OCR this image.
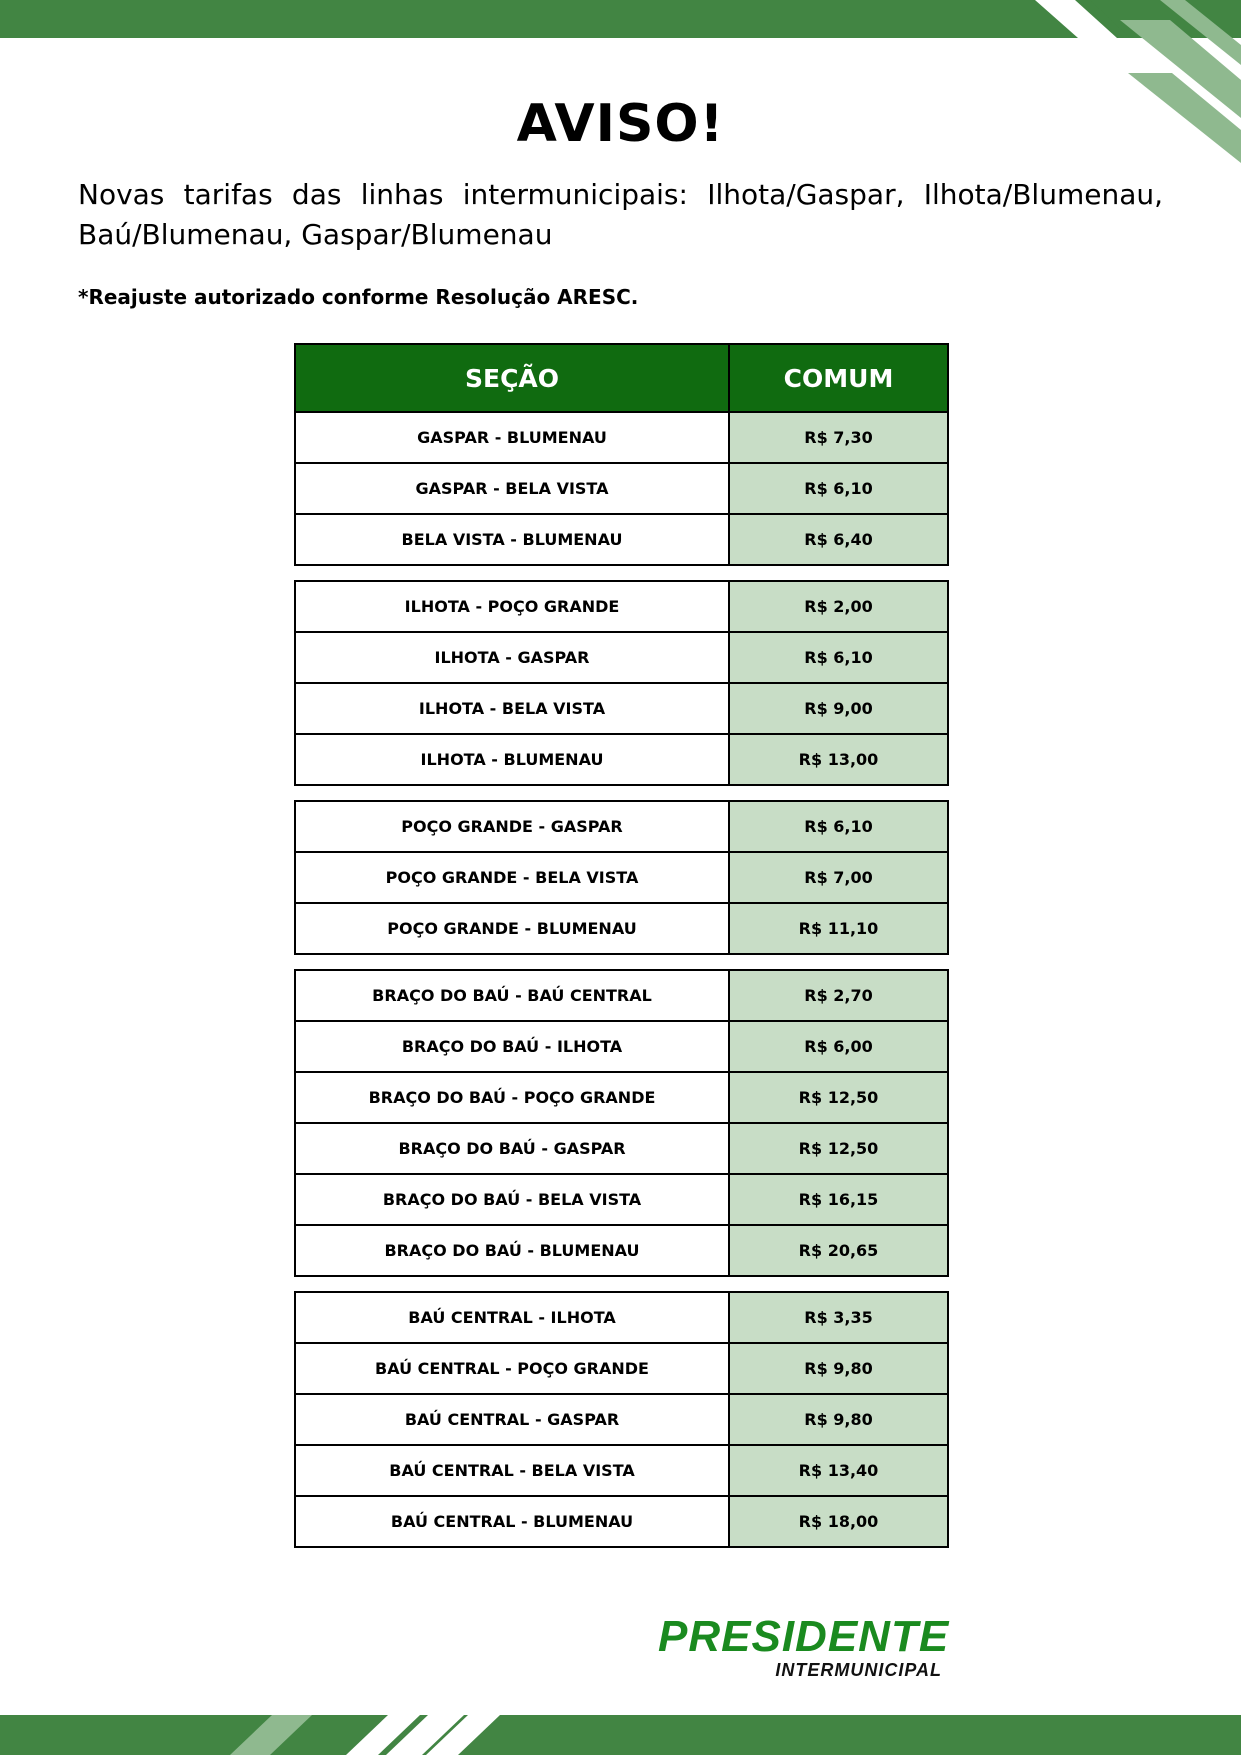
AVISO!
Novas tarifas das linhas intermunicipais: Ilhota/Gaspar, Ilhota/Blumenau, Baú/Blumenau, Gaspar/Blumenau
*Reajuste autorizado conforme Resolução ARESC.
SEÇÃO	COMUM
GASPAR - BLUMENAU	R$ 7,30
GASPAR - BELA VISTA	R$ 6,10
BELA VISTA - BLUMENAU	R$ 6,40
ILHOTA - POÇO GRANDE	R$ 2,00
ILHOTA - GASPAR	R$ 6,10
ILHOTA - BELA VISTA	R$ 9,00
ILHOTA - BLUMENAU	R$ 13,00
POÇO GRANDE - GASPAR	R$ 6,10
POÇO GRANDE - BELA VISTA	R$ 7,00
POÇO GRANDE - BLUMENAU	R$ 11,10
BRAÇO DO BAÚ - BAÚ CENTRAL	R$ 2,70
BRAÇO DO BAÚ - ILHOTA	R$ 6,00
BRAÇO DO BAÚ - POÇO GRANDE	R$ 12,50
BRAÇO DO BAÚ - GASPAR	R$ 12,50
BRAÇO DO BAÚ - BELA VISTA	R$ 16,15
BRAÇO DO BAÚ - BLUMENAU	R$ 20,65
BAÚ CENTRAL - ILHOTA	R$ 3,35
BAÚ CENTRAL - POÇO GRANDE	R$ 9,80
BAÚ CENTRAL - GASPAR	R$ 9,80
BAÚ CENTRAL - BELA VISTA	R$ 13,40
BAÚ CENTRAL - BLUMENAU	R$ 18,00
PRESIDENTE
INTERMUNICIPAL
